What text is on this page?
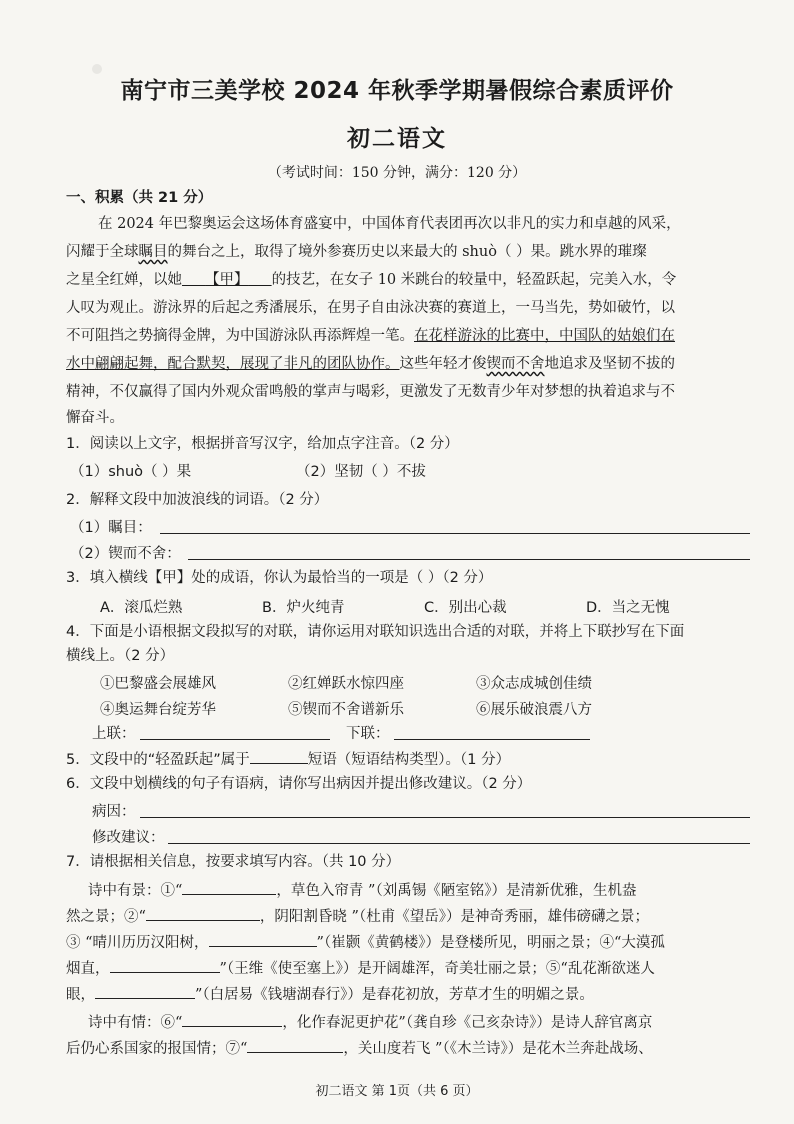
南宁市三美学校 2024 年秋季学期暑假综合素质评价
初二语文
（考试时间：150 分钟，满分：120 分）
一、积累（共 21 分）
在 2024 年巴黎奥运会这场体育盛宴中，中国体育代表团再次以非凡的实力和卓越的风采，
闪耀于全球瞩目的舞台之上，取得了境外参赛历史以来最大的 shuò（ ）果。跳水界的璀璨
之星全红婵，以她 【甲】 的技艺，在女子 10 米跳台的较量中，轻盈跃起，完美入水，令
人叹为观止。游泳界的后起之秀潘展乐，在男子自由泳决赛的赛道上，一马当先，势如破竹，以
不可阻挡之势摘得金牌，为中国游泳队再添辉煌一笔。在花样游泳的比赛中，中国队的姑娘们在
水中翩翩起舞，配合默契，展现了非凡的团队协作。这些年轻才俊锲而不舍地追求及坚韧不拔的
精神，不仅赢得了国内外观众雷鸣般的掌声与喝彩，更激发了无数青少年对梦想的执着追求与不
懈奋斗。
1．阅读以上文字，根据拼音写汉字，给加点字注音。（2 分）
（1）shuò（ ）果	（2）坚韧（ ）不拔
2．解释文段中加波浪线的词语。（2 分）
（1）瞩目：
（2）锲而不舍：
3．填入横线【甲】处的成语，你认为最恰当的一项是（ ）（2 分）
A．滚瓜烂熟	B．炉火纯青	C．别出心裁	D．当之无愧
4．下面是小语根据文段拟写的对联，请你运用对联知识选出合适的对联，并将上下联抄写在下面
横线上。（2 分）
①巴黎盛会展雄风	②红婵跃水惊四座	③众志成城创佳绩
④奥运舞台绽芳华	⑤锲而不舍谱新乐	⑥展乐破浪震八方
上联：	下联：
5．文段中的“轻盈跃起”属于	短语（短语结构类型）。（1 分）
6．文段中划横线的句子有语病，请你写出病因并提出修改建议。（2 分）
病因：
修改建议：
7．请根据相关信息，按要求填写内容。（共 10 分）
诗中有景：①“	，草色入帘青 ”（刘禹锡《陋室铭》）是清新优雅，生机盎
然之景；②“	，阴阳割昏晓 ”（杜甫《望岳》）是神奇秀丽，雄伟磅礴之景；
③ “晴川历历汉阳树，	”（崔颢《黄鹤楼》）是登楼所见，明丽之景；④“大漠孤
烟直，	”（王维《使至塞上》）是开阔雄浑，奇美壮丽之景；⑤“乱花渐欲迷人
眼，	”（白居易《钱塘湖春行》）是春花初放，芳草才生的明媚之景。
诗中有情：⑥“	，化作春泥更护花”（龚自珍《己亥杂诗》）是诗人辞官离京
后仍心系国家的报国情；⑦“	，关山度若飞 ”（《木兰诗》）是花木兰奔赴战场、
初二语文 第 1页（共 6 页）
